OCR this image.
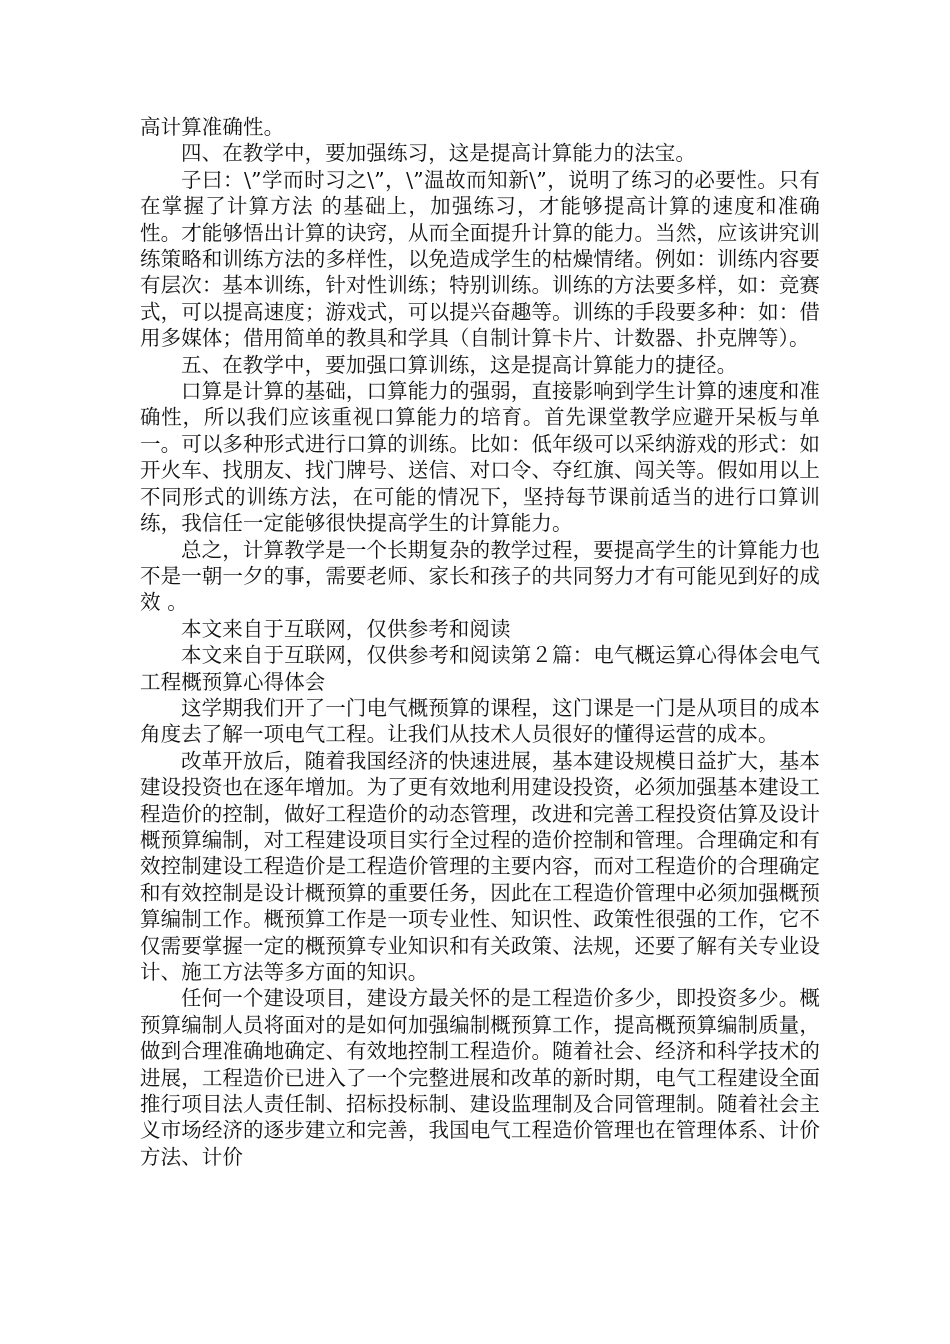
高计算准确性。

四、在教学中，要加强练习，这是提高计算能力的法宝。

子曰：\”学而时习之\”，\”温故而知新\”，说明了练习的必要性。只有在掌握了计算方法 的基础上，加强练习，才能够提高计算的速度和准确性。才能够悟出计算的诀窍，从而全面提升计算的能力。当然，应该讲究训练策略和训练方法的多样性，以免造成学生的枯燥情绪。例如：训练内容要有层次：基本训练，针对性训练；特别训练。训练的方法要多样，如：竞赛式，可以提高速度；游戏式，可以提兴奋趣等。训练的手段要多种：如：借用多媒体；借用简单的教具和学具（自制计算卡片、计数器、扑克牌等）。

五、在教学中，要加强口算训练，这是提高计算能力的捷径。

口算是计算的基础，口算能力的强弱，直接影响到学生计算的速度和准确性，所以我们应该重视口算能力的培育。首先课堂教学应避开呆板与单一。可以多种形式进行口算的训练。比如：低年级可以采纳游戏的形式：如开火车、找朋友、找门牌号、送信、对口令、夺红旗、闯关等。假如用以上不同形式的训练方法，在可能的情况下，坚持每节课前适当的进行口算训练，我信任一定能够很快提高学生的计算能力。

总之，计算教学是一个长期复杂的教学过程，要提高学生的计算能力也不是一朝一夕的事，需要老师、家长和孩子的共同努力才有可能见到好的成效 。

本文来自于互联网，仅供参考和阅读

本文来自于互联网，仅供参考和阅读第２篇：电气概运算心得体会电气工程概预算心得体会

这学期我们开了一门电气概预算的课程，这门课是一门是从项目的成本角度去了解一项电气工程。让我们从技术人员很好的懂得运营的成本。

改革开放后，随着我国经济的快速进展，基本建设规模日益扩大，基本建设投资也在逐年增加。为了更有效地利用建设投资，必须加强基本建设工程造价的控制，做好工程造价的动态管理，改进和完善工程投资估算及设计概预算编制，对工程建设项目实行全过程的造价控制和管理。合理确定和有效控制建设工程造价是工程造价管理的主要内容，而对工程造价的合理确定和有效控制是设计概预算的重要任务，因此在工程造价管理中必须加强概预算编制工作。概预算工作是一项专业性、知识性、政策性很强的工作，它不仅需要掌握一定的概预算专业知识和有关政策、法规，还要了解有关专业设计、施工方法等多方面的知识。

任何一个建设项目，建设方最关怀的是工程造价多少，即投资多少。概预算编制人员将面对的是如何加强编制概预算工作，提高概预算编制质量，做到合理准确地确定、有效地控制工程造价。随着社会、经济和科学技术的进展，工程造价已进入了一个完整进展和改革的新时期，电气工程建设全面推行项目法人责任制、招标投标制、建设监理制及合同管理制。随着社会主义市场经济的逐步建立和完善，我国电气工程造价管理也在管理体系、计价方法、计价
